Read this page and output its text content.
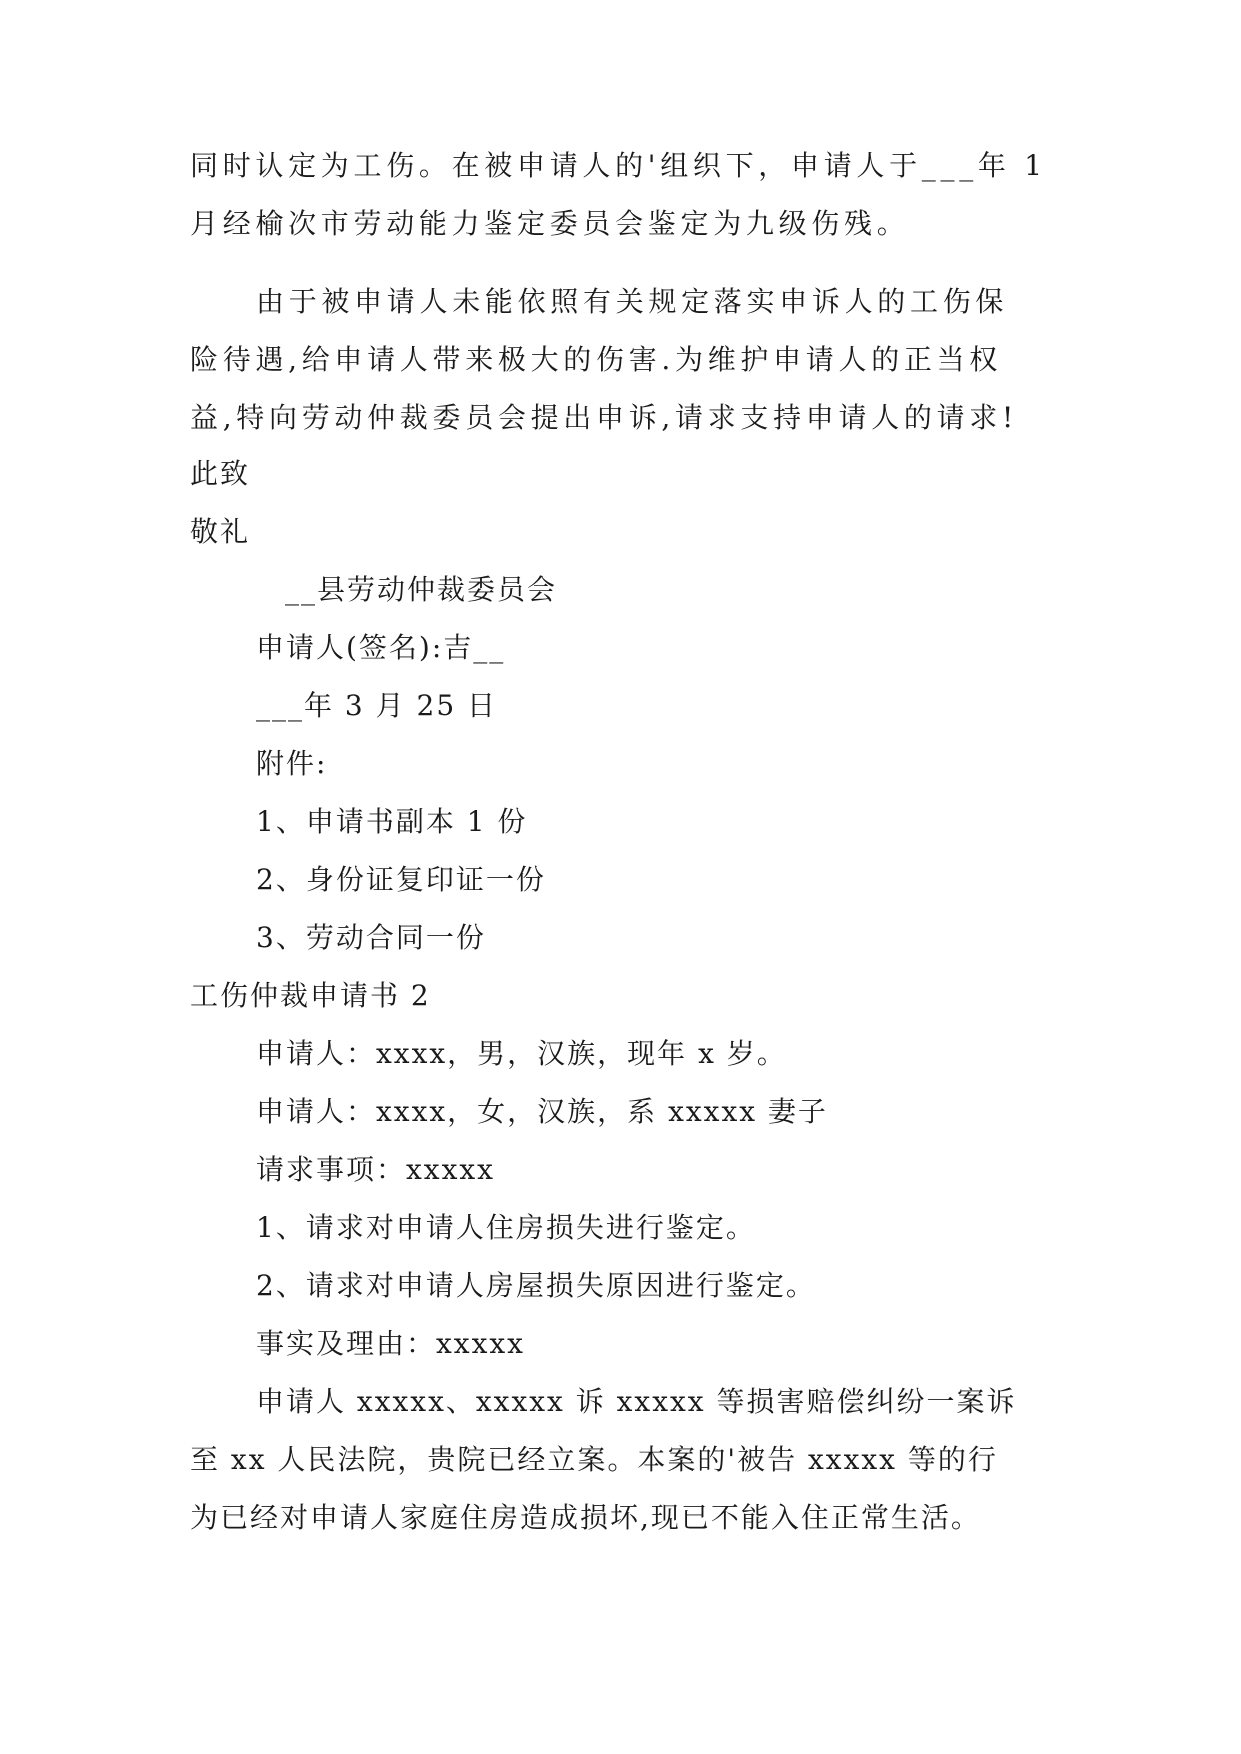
同时认定为工伤。在被申请人的'组织下，申请人于___年 1
月经榆次市劳动能力鉴定委员会鉴定为九级伤残。
由于被申请人未能依照有关规定落实申诉人的工伤保
险待遇,给申请人带来极大的伤害.为维护申请人的正当权
益,特向劳动仲裁委员会提出申诉,请求支持申请人的请求!
此致
敬礼
__县劳动仲裁委员会
申请人(签名):吉__
___年 3 月 25 日
附件:
1、申请书副本 1 份
2、身份证复印证一份
3、劳动合同一份
工伤仲裁申请书 2
申请人：xxxx，男，汉族，现年 x 岁。
申请人：xxxx，女，汉族，系 xxxxx 妻子
请求事项：xxxxx
1、请求对申请人住房损失进行鉴定。
2、请求对申请人房屋损失原因进行鉴定。
事实及理由：xxxxx
申请人 xxxxx、xxxxx 诉 xxxxx 等损害赔偿纠纷一案诉
至 xx 人民法院，贵院已经立案。本案的'被告 xxxxx 等的行
为已经对申请人家庭住房造成损坏,现已不能入住正常生活。
